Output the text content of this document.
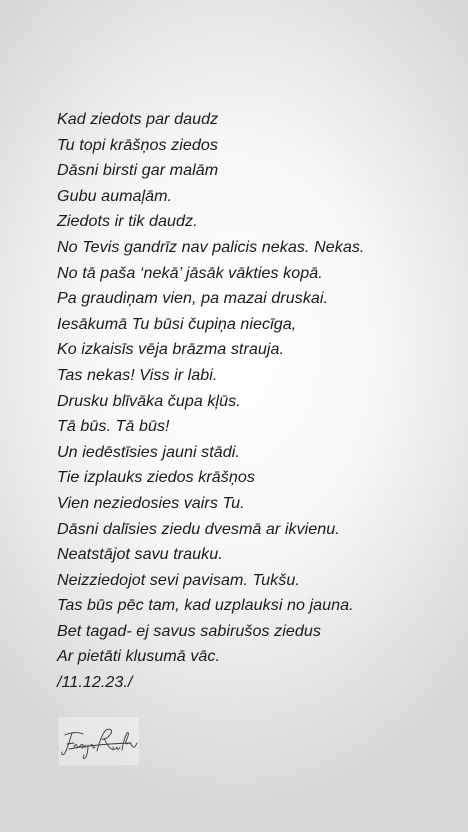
Kad ziedots par daudz
Tu topi krāšņos ziedos
Dāsni birsti gar malām
Gubu aumaļām.
Ziedots ir tik daudz.
No Tevis gandrīz nav palicis nekas. Nekas.
No tā paša ‘nekā’ jāsāk vākties kopā.
Pa graudiņam vien, pa mazai druskai.
Iesākumā Tu būsi čupiņa niecīga,
Ko izkaisīs vēja brāzma strauja.
Tas nekas! Viss ir labi.
Drusku blīvāka čupa kļūs.
Tā būs. Tā būs!
Un iedēstīsies jauni stādi.
Tie izplauks ziedos krāšņos
Vien neziedosies vairs Tu.
Dāsni dalīsies ziedu dvesmā ar ikvienu.
Neatstājot savu trauku.
Neizziedojot sevi pavisam. Tukšu.
Tas būs pēc tam, kad uzplauksi no jauna.
Bet tagad- ej savus sabirušos ziedus
Ar pietāti klusumā vāc.
/11.12.23./
